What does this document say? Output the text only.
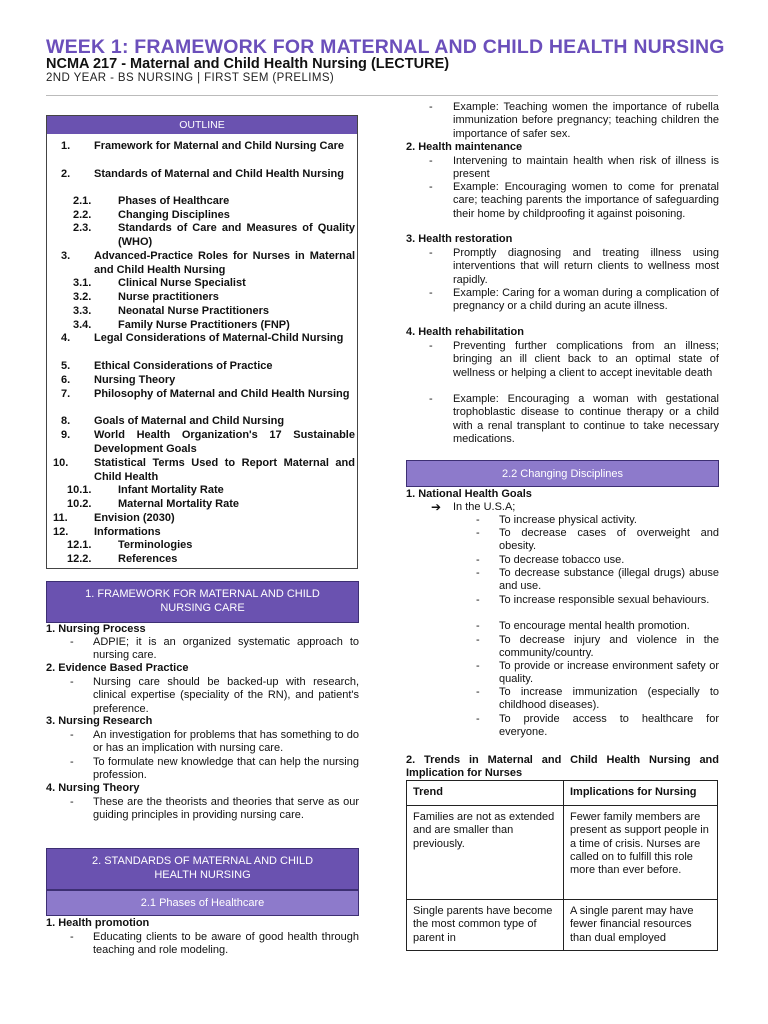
WEEK 1: FRAMEWORK FOR MATERNAL AND CHILD HEALTH NURSING
NCMA 217 - Maternal and Child Health Nursing (LECTURE)
2ND YEAR - BS NURSING | FIRST SEM (PRELIMS)
OUTLINE
1. Framework for Maternal and Child Nursing Care
2. Standards of Maternal and Child Health Nursing
2.1. Phases of Healthcare
2.2. Changing Disciplines
2.3. Standards of Care and Measures of Quality (WHO)
3. Advanced-Practice Roles for Nurses in Maternal and Child Health Nursing
3.1. Clinical Nurse Specialist
3.2. Nurse practitioners
3.3. Neonatal Nurse Practitioners
3.4. Family Nurse Practitioners (FNP)
4. Legal Considerations of Maternal-Child Nursing
5. Ethical Considerations of Practice
6. Nursing Theory
7. Philosophy of Maternal and Child Health Nursing
8. Goals of Maternal and Child Nursing
9. World Health Organization's 17 Sustainable Development Goals
10. Statistical Terms Used to Report Maternal and Child Health
10.1. Infant Mortality Rate
10.2. Maternal Mortality Rate
11. Envision (2030)
12. Informations
12.1. Terminologies
12.2. References
1. FRAMEWORK FOR MATERNAL AND CHILD NURSING CARE
1. Nursing Process
- ADPIE; it is an organized systematic approach to nursing care.
2. Evidence Based Practice
- Nursing care should be backed-up with research, clinical expertise (speciality of the RN), and patient's preference.
3. Nursing Research
- An investigation for problems that has something to do or has an implication with nursing care.
- To formulate new knowledge that can help the nursing profession.
4. Nursing Theory
- These are the theorists and theories that serve as our guiding principles in providing nursing care.
2. STANDARDS OF MATERNAL AND CHILD HEALTH NURSING
2.1 Phases of Healthcare
1. Health promotion
- Educating clients to be aware of good health through teaching and role modeling.
- Example: Teaching women the importance of rubella immunization before pregnancy; teaching children the importance of safer sex.
2. Health maintenance
- Intervening to maintain health when risk of illness is present
- Example: Encouraging women to come for prenatal care; teaching parents the importance of safeguarding their home by childproofing it against poisoning.
3. Health restoration
- Promptly diagnosing and treating illness using interventions that will return clients to wellness most rapidly.
- Example: Caring for a woman during a complication of pregnancy or a child during an acute illness.
4. Health rehabilitation
- Preventing further complications from an illness; bringing an ill client back to an optimal state of wellness or helping a client to accept inevitable death
- Example: Encouraging a woman with gestational trophoblastic disease to continue therapy or a child with a renal transplant to continue to take necessary medications.
2.2 Changing Disciplines
1. National Health Goals
➔ In the U.S.A;
- To increase physical activity.
- To decrease cases of overweight and obesity.
- To decrease tobacco use.
- To decrease substance (illegal drugs) abuse and use.
- To increase responsible sexual behaviours.
- To encourage mental health promotion.
- To decrease injury and violence in the community/country.
- To provide or increase environment safety or quality.
- To increase immunization (especially to childhood diseases).
- To provide access to healthcare for everyone.
2. Trends in Maternal and Child Health Nursing and Implication for Nurses
Trend	Implications for Nursing
Families are not as extended and are smaller than previously.	Fewer family members are present as support people in a time of crisis. Nurses are called on to fulfill this role more than ever before.
Single parents have become the most common type of parent in	A single parent may have fewer financial resources than dual employed
